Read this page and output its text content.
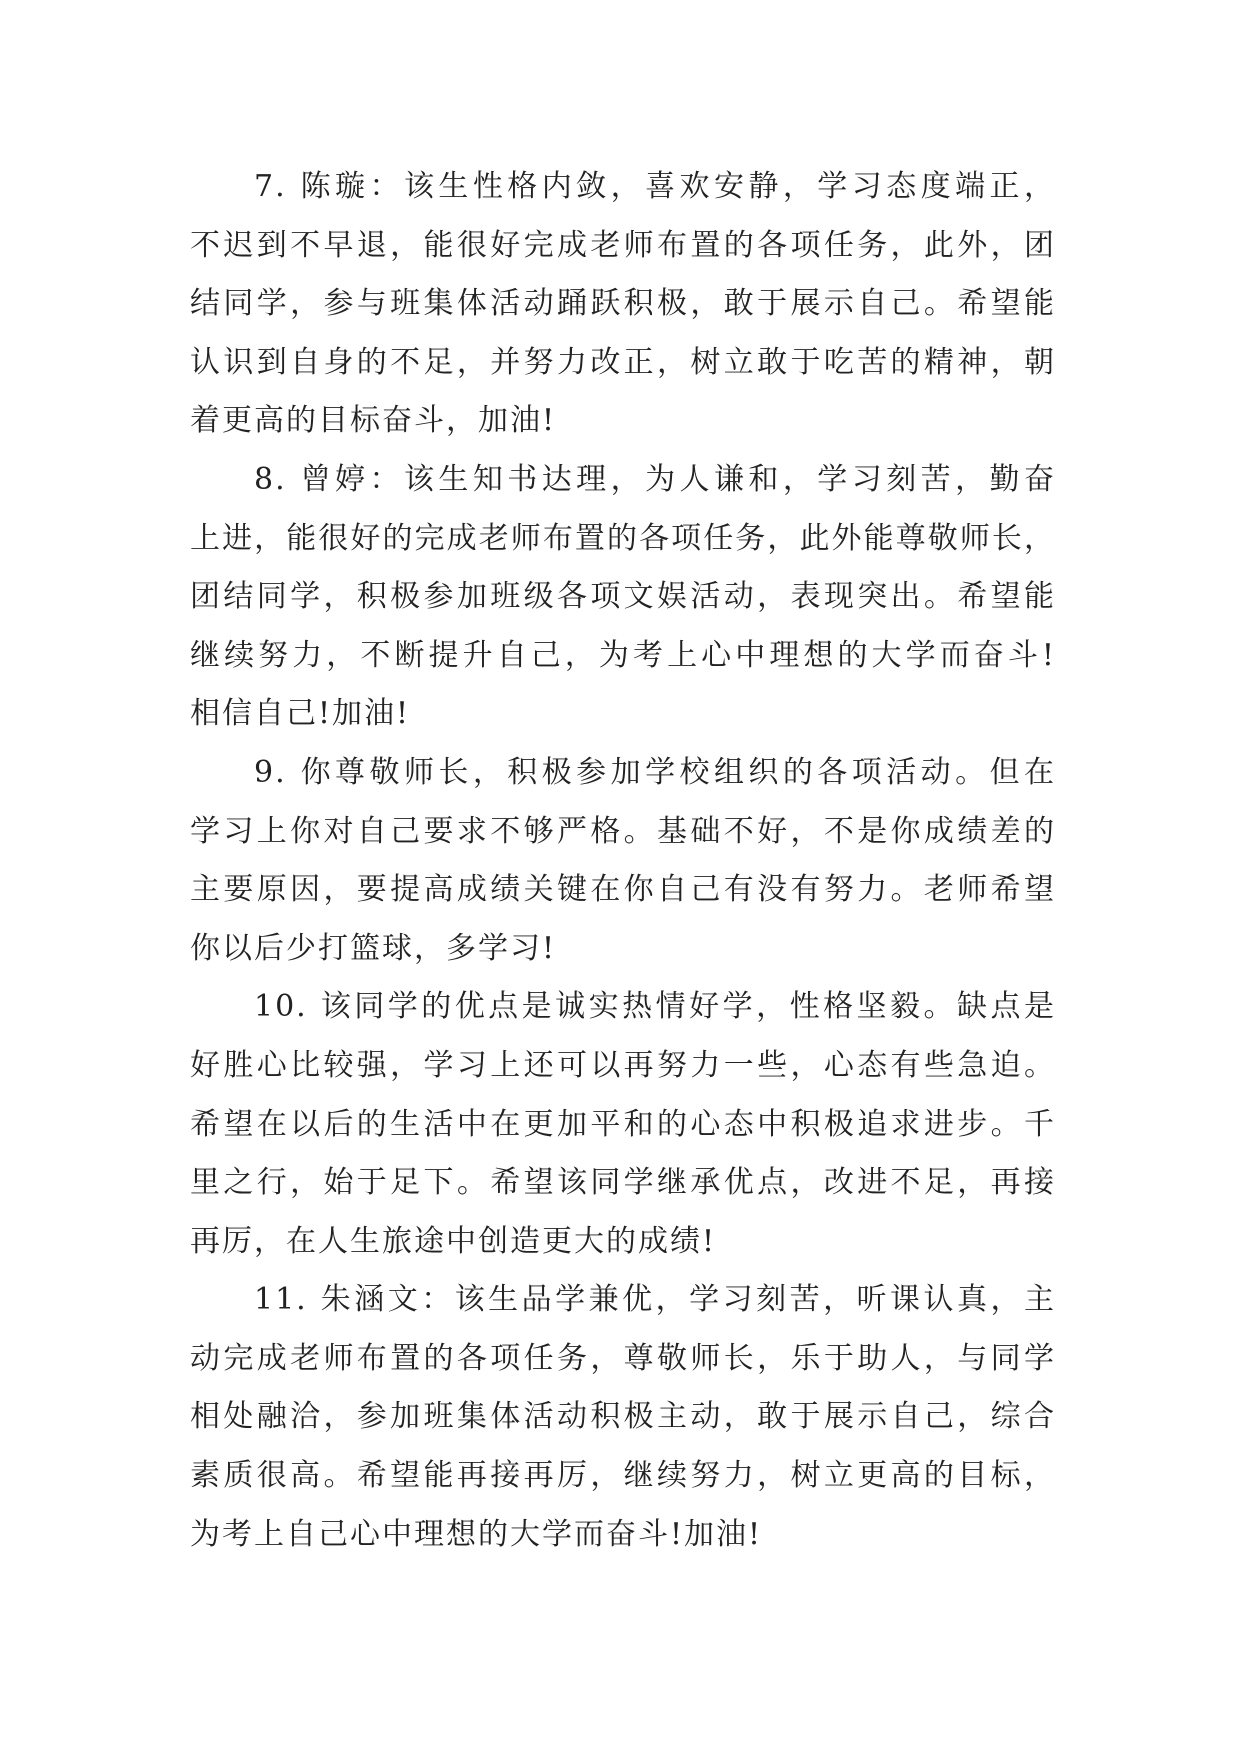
7. 陈璇：该生性格内敛，喜欢安静，学习态度端正，
不迟到不早退，能很好完成老师布置的各项任务，此外，团
结同学，参与班集体活动踊跃积极，敢于展示自己。希望能
认识到自身的不足，并努力改正，树立敢于吃苦的精神，朝
着更高的目标奋斗，加油!
8. 曾婷：该生知书达理，为人谦和，学习刻苦，勤奋
上进，能很好的完成老师布置的各项任务，此外能尊敬师长，
团结同学，积极参加班级各项文娱活动，表现突出。希望能
继续努力，不断提升自己，为考上心中理想的大学而奋斗!
相信自己!加油!
9. 你尊敬师长，积极参加学校组织的各项活动。但在
学习上你对自己要求不够严格。基础不好，不是你成绩差的
主要原因，要提高成绩关键在你自己有没有努力。老师希望
你以后少打篮球，多学习!
10. 该同学的优点是诚实热情好学，性格坚毅。缺点是
好胜心比较强，学习上还可以再努力一些，心态有些急迫。
希望在以后的生活中在更加平和的心态中积极追求进步。千
里之行，始于足下。希望该同学继承优点，改进不足，再接
再厉，在人生旅途中创造更大的成绩!
11. 朱涵文：该生品学兼优，学习刻苦，听课认真，主
动完成老师布置的各项任务，尊敬师长，乐于助人，与同学
相处融洽，参加班集体活动积极主动，敢于展示自己，综合
素质很高。希望能再接再厉，继续努力，树立更高的目标，
为考上自己心中理想的大学而奋斗!加油!
